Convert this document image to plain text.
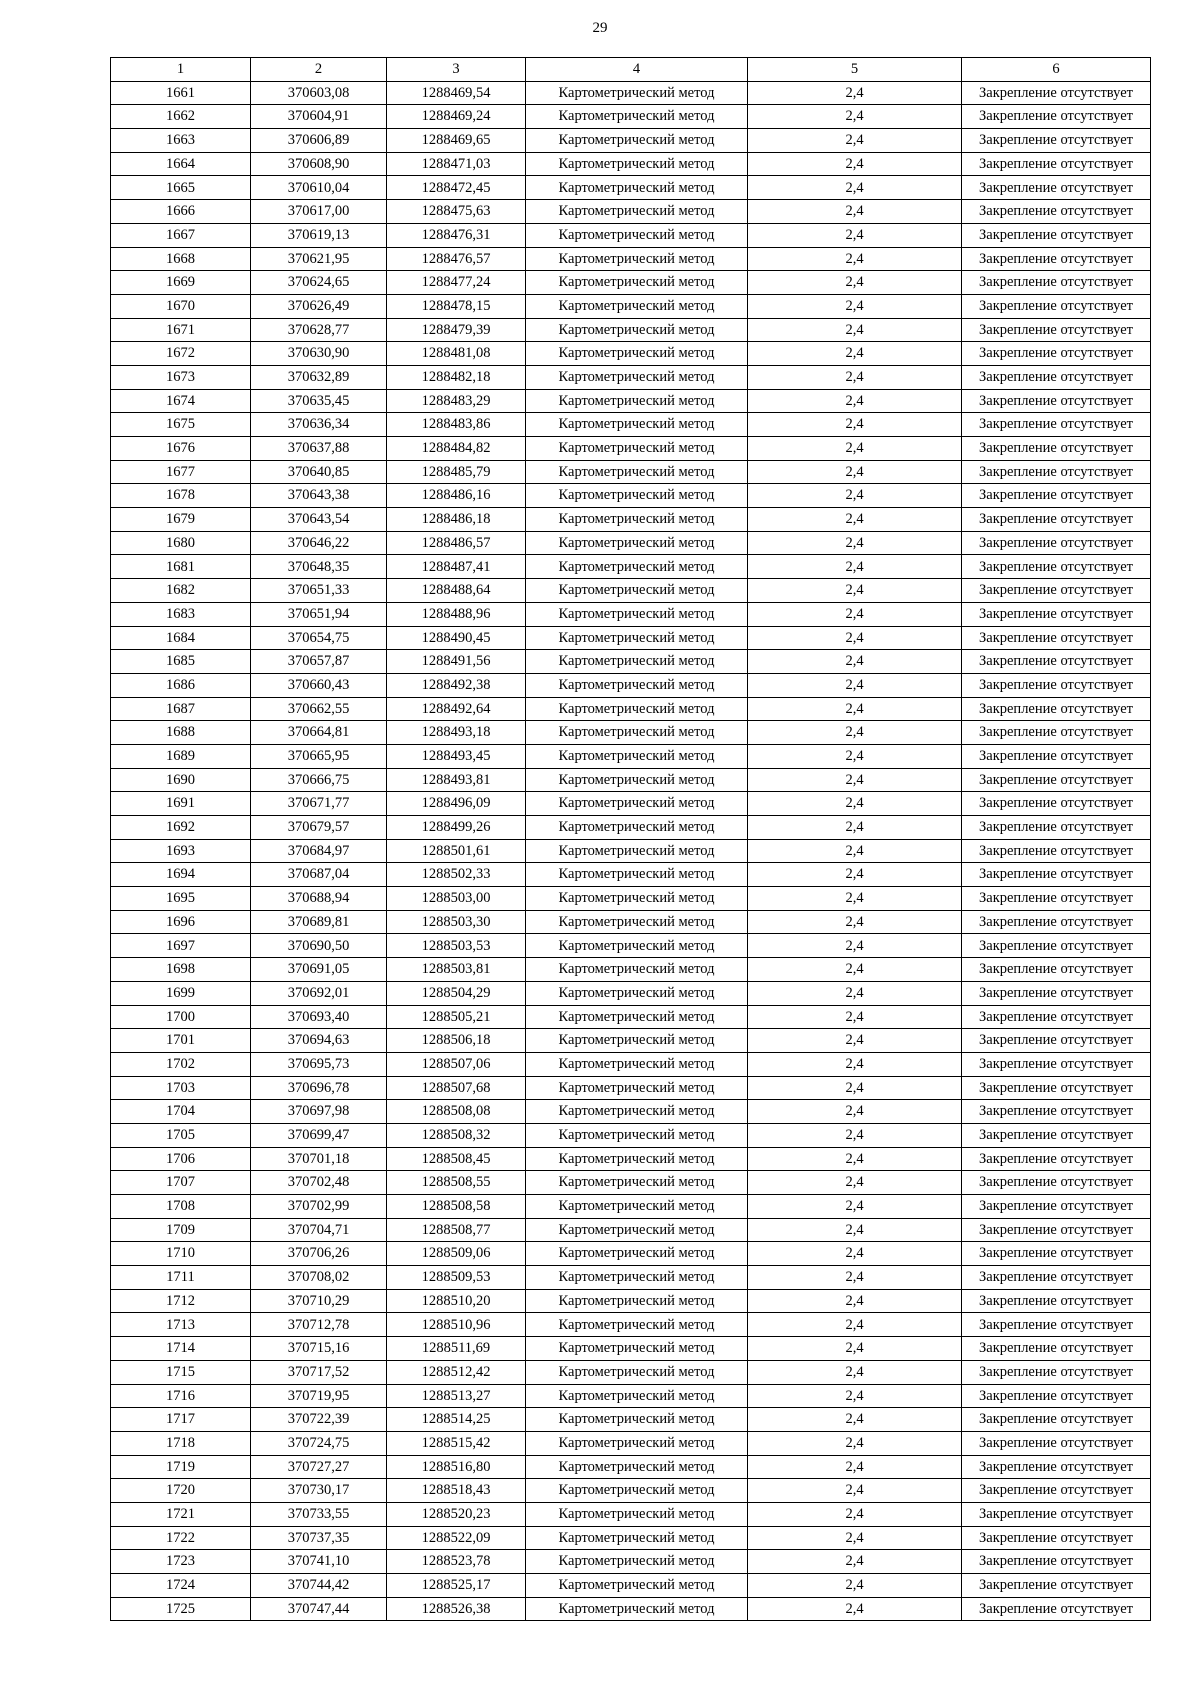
29
1	2	3	4	5	6
1661	370603,08	1288469,54	Картометрический метод	2,4	Закрепление отсутствует
1662	370604,91	1288469,24	Картометрический метод	2,4	Закрепление отсутствует
1663	370606,89	1288469,65	Картометрический метод	2,4	Закрепление отсутствует
1664	370608,90	1288471,03	Картометрический метод	2,4	Закрепление отсутствует
1665	370610,04	1288472,45	Картометрический метод	2,4	Закрепление отсутствует
1666	370617,00	1288475,63	Картометрический метод	2,4	Закрепление отсутствует
1667	370619,13	1288476,31	Картометрический метод	2,4	Закрепление отсутствует
1668	370621,95	1288476,57	Картометрический метод	2,4	Закрепление отсутствует
1669	370624,65	1288477,24	Картометрический метод	2,4	Закрепление отсутствует
1670	370626,49	1288478,15	Картометрический метод	2,4	Закрепление отсутствует
1671	370628,77	1288479,39	Картометрический метод	2,4	Закрепление отсутствует
1672	370630,90	1288481,08	Картометрический метод	2,4	Закрепление отсутствует
1673	370632,89	1288482,18	Картометрический метод	2,4	Закрепление отсутствует
1674	370635,45	1288483,29	Картометрический метод	2,4	Закрепление отсутствует
1675	370636,34	1288483,86	Картометрический метод	2,4	Закрепление отсутствует
1676	370637,88	1288484,82	Картометрический метод	2,4	Закрепление отсутствует
1677	370640,85	1288485,79	Картометрический метод	2,4	Закрепление отсутствует
1678	370643,38	1288486,16	Картометрический метод	2,4	Закрепление отсутствует
1679	370643,54	1288486,18	Картометрический метод	2,4	Закрепление отсутствует
1680	370646,22	1288486,57	Картометрический метод	2,4	Закрепление отсутствует
1681	370648,35	1288487,41	Картометрический метод	2,4	Закрепление отсутствует
1682	370651,33	1288488,64	Картометрический метод	2,4	Закрепление отсутствует
1683	370651,94	1288488,96	Картометрический метод	2,4	Закрепление отсутствует
1684	370654,75	1288490,45	Картометрический метод	2,4	Закрепление отсутствует
1685	370657,87	1288491,56	Картометрический метод	2,4	Закрепление отсутствует
1686	370660,43	1288492,38	Картометрический метод	2,4	Закрепление отсутствует
1687	370662,55	1288492,64	Картометрический метод	2,4	Закрепление отсутствует
1688	370664,81	1288493,18	Картометрический метод	2,4	Закрепление отсутствует
1689	370665,95	1288493,45	Картометрический метод	2,4	Закрепление отсутствует
1690	370666,75	1288493,81	Картометрический метод	2,4	Закрепление отсутствует
1691	370671,77	1288496,09	Картометрический метод	2,4	Закрепление отсутствует
1692	370679,57	1288499,26	Картометрический метод	2,4	Закрепление отсутствует
1693	370684,97	1288501,61	Картометрический метод	2,4	Закрепление отсутствует
1694	370687,04	1288502,33	Картометрический метод	2,4	Закрепление отсутствует
1695	370688,94	1288503,00	Картометрический метод	2,4	Закрепление отсутствует
1696	370689,81	1288503,30	Картометрический метод	2,4	Закрепление отсутствует
1697	370690,50	1288503,53	Картометрический метод	2,4	Закрепление отсутствует
1698	370691,05	1288503,81	Картометрический метод	2,4	Закрепление отсутствует
1699	370692,01	1288504,29	Картометрический метод	2,4	Закрепление отсутствует
1700	370693,40	1288505,21	Картометрический метод	2,4	Закрепление отсутствует
1701	370694,63	1288506,18	Картометрический метод	2,4	Закрепление отсутствует
1702	370695,73	1288507,06	Картометрический метод	2,4	Закрепление отсутствует
1703	370696,78	1288507,68	Картометрический метод	2,4	Закрепление отсутствует
1704	370697,98	1288508,08	Картометрический метод	2,4	Закрепление отсутствует
1705	370699,47	1288508,32	Картометрический метод	2,4	Закрепление отсутствует
1706	370701,18	1288508,45	Картометрический метод	2,4	Закрепление отсутствует
1707	370702,48	1288508,55	Картометрический метод	2,4	Закрепление отсутствует
1708	370702,99	1288508,58	Картометрический метод	2,4	Закрепление отсутствует
1709	370704,71	1288508,77	Картометрический метод	2,4	Закрепление отсутствует
1710	370706,26	1288509,06	Картометрический метод	2,4	Закрепление отсутствует
1711	370708,02	1288509,53	Картометрический метод	2,4	Закрепление отсутствует
1712	370710,29	1288510,20	Картометрический метод	2,4	Закрепление отсутствует
1713	370712,78	1288510,96	Картометрический метод	2,4	Закрепление отсутствует
1714	370715,16	1288511,69	Картометрический метод	2,4	Закрепление отсутствует
1715	370717,52	1288512,42	Картометрический метод	2,4	Закрепление отсутствует
1716	370719,95	1288513,27	Картометрический метод	2,4	Закрепление отсутствует
1717	370722,39	1288514,25	Картометрический метод	2,4	Закрепление отсутствует
1718	370724,75	1288515,42	Картометрический метод	2,4	Закрепление отсутствует
1719	370727,27	1288516,80	Картометрический метод	2,4	Закрепление отсутствует
1720	370730,17	1288518,43	Картометрический метод	2,4	Закрепление отсутствует
1721	370733,55	1288520,23	Картометрический метод	2,4	Закрепление отсутствует
1722	370737,35	1288522,09	Картометрический метод	2,4	Закрепление отсутствует
1723	370741,10	1288523,78	Картометрический метод	2,4	Закрепление отсутствует
1724	370744,42	1288525,17	Картометрический метод	2,4	Закрепление отсутствует
1725	370747,44	1288526,38	Картометрический метод	2,4	Закрепление отсутствует
